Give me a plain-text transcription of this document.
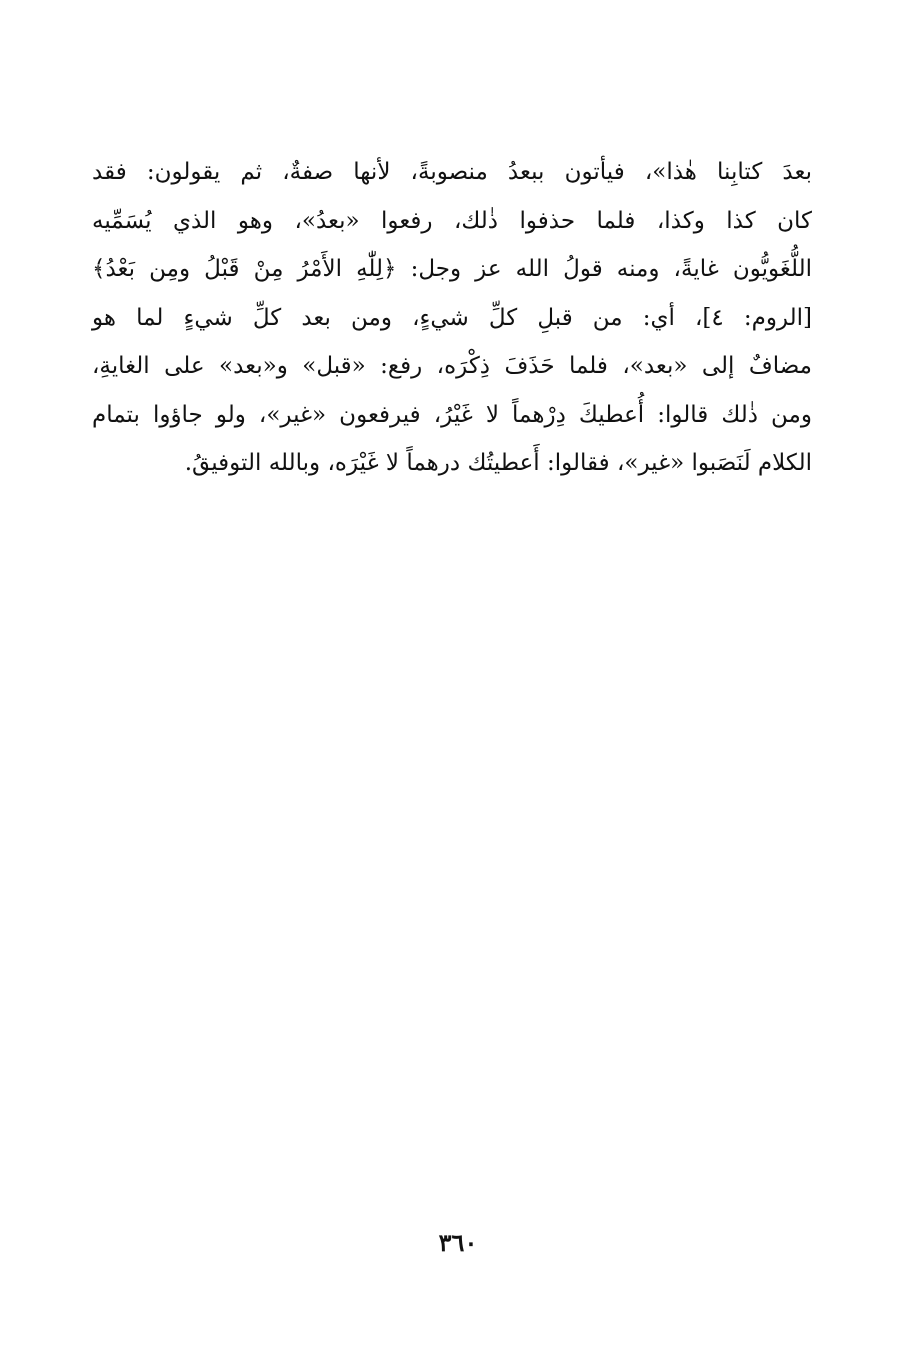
بعدَ كتابِنا هٰذا»، فيأتون ببعدُ منصوبةً، لأنها صفةٌ، ثم يقولون: فقد
كان كذا وكذا، فلما حذفوا ذٰلك، رفعوا «بعدُ»، وهو الذي يُسَمِّيه
اللُّغَويُّون غايةً، ومنه قولُ الله عز وجل: ﴿لِلّٰهِ الأَمْرُ مِنْ قَبْلُ ومِن بَعْدُ﴾
[الروم: ٤]، أي: من قبلِ كلِّ شيءٍ، ومن بعد كلِّ شيءٍ لما هو
مضافٌ إلى «بعد»، فلما حَذَفَ ذِكْرَه، رفع: «قبل» و«بعد» على الغايةِ،
ومن ذٰلك قالوا: أُعطيكَ دِرْهماً لا غَيْرُ، فيرفعون «غير»، ولو جاؤوا بتمام
الكلام لَنَصَبوا «غير»، فقالوا: أَعطيتُك درهماً لا غَيْرَه، وبالله التوفيقُ.
٣٦٠
